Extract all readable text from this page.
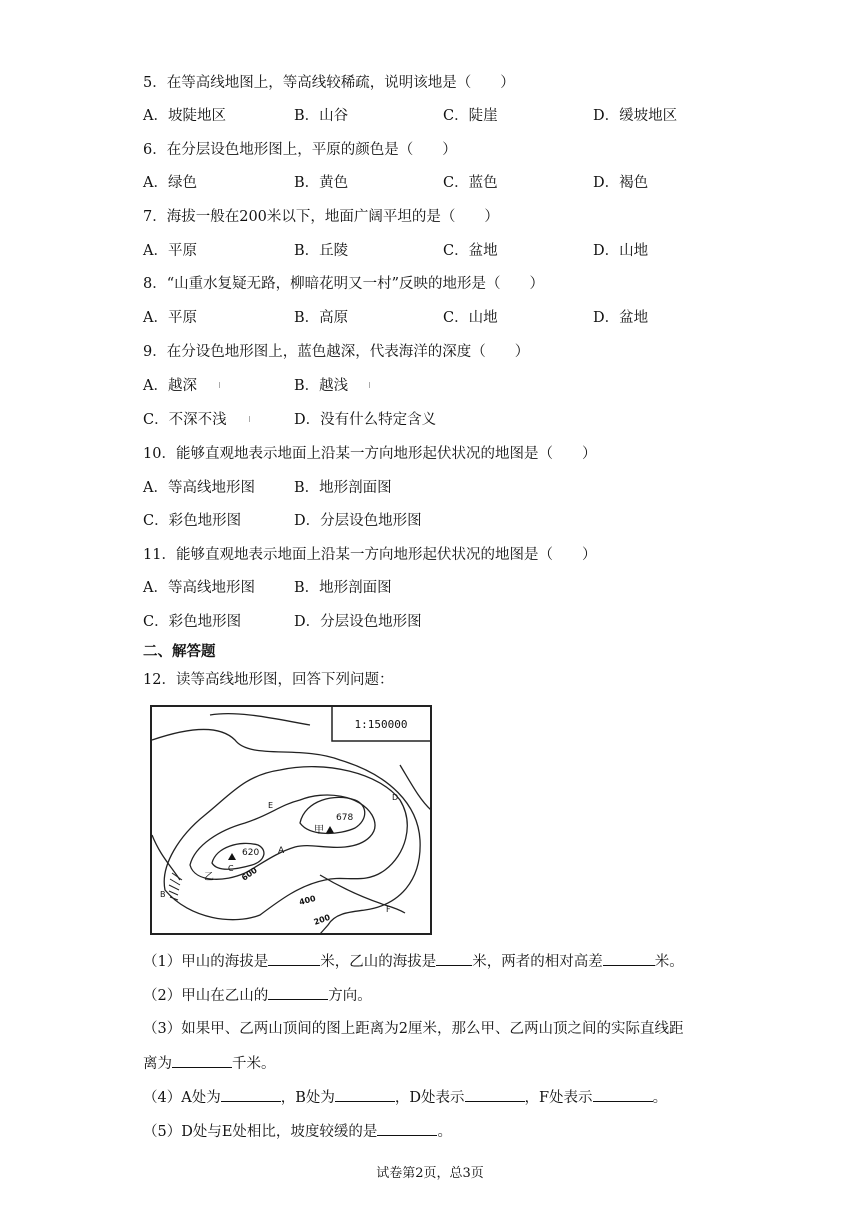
5．在等高线地图上，等高线较稀疏，说明该地是（　　）
A．坡陡地区	B．山谷	C．陡崖	D．缓坡地区
6．在分层设色地形图上，平原的颜色是（　　）
A．绿色	B．黄色	C．蓝色	D．褐色
7．海拔一般在200米以下，地面广阔平坦的是（　　）
A．平原	B．丘陵	C．盆地	D．山地
8．“山重水复疑无路，柳暗花明又一村”反映的地形是（　　）
A．平原	B．高原	C．山地	D．盆地
9．在分设色地形图上，蓝色越深，代表海洋的深度（　　）
A．越深	B．越浅
C．不深不浅	D．没有什么特定含义
10．能够直观地表示地面上沿某一方向地形起伏状况的地图是（　　）
A．等高线地形图	B．地形剖面图
C．彩色地形图	D．分层设色地形图
11．能够直观地表示地面上沿某一方向地形起伏状况的地图是（　　）
A．等高线地形图	B．地形剖面图
C．彩色地形图	D．分层设色地形图
二、解答题
12．读等高线地形图，回答下列问题：
1:150000
甲
678
乙
620
600
400
200
A
B
C
D
E
F
（1）甲山的海拔是	米，乙山的海拔是 米，两者的相对高差	米。
（2）甲山在乙山的	方向。
（3）如果甲、乙两山顶间的图上距离为2厘米，那么甲、乙两山顶之间的实际直线距
离为	千米。
（4）A处为	，B处为	，D处表示	，F处表示	。
（5）D处与E处相比，坡度较缓的是	。
试卷第2页，总3页
